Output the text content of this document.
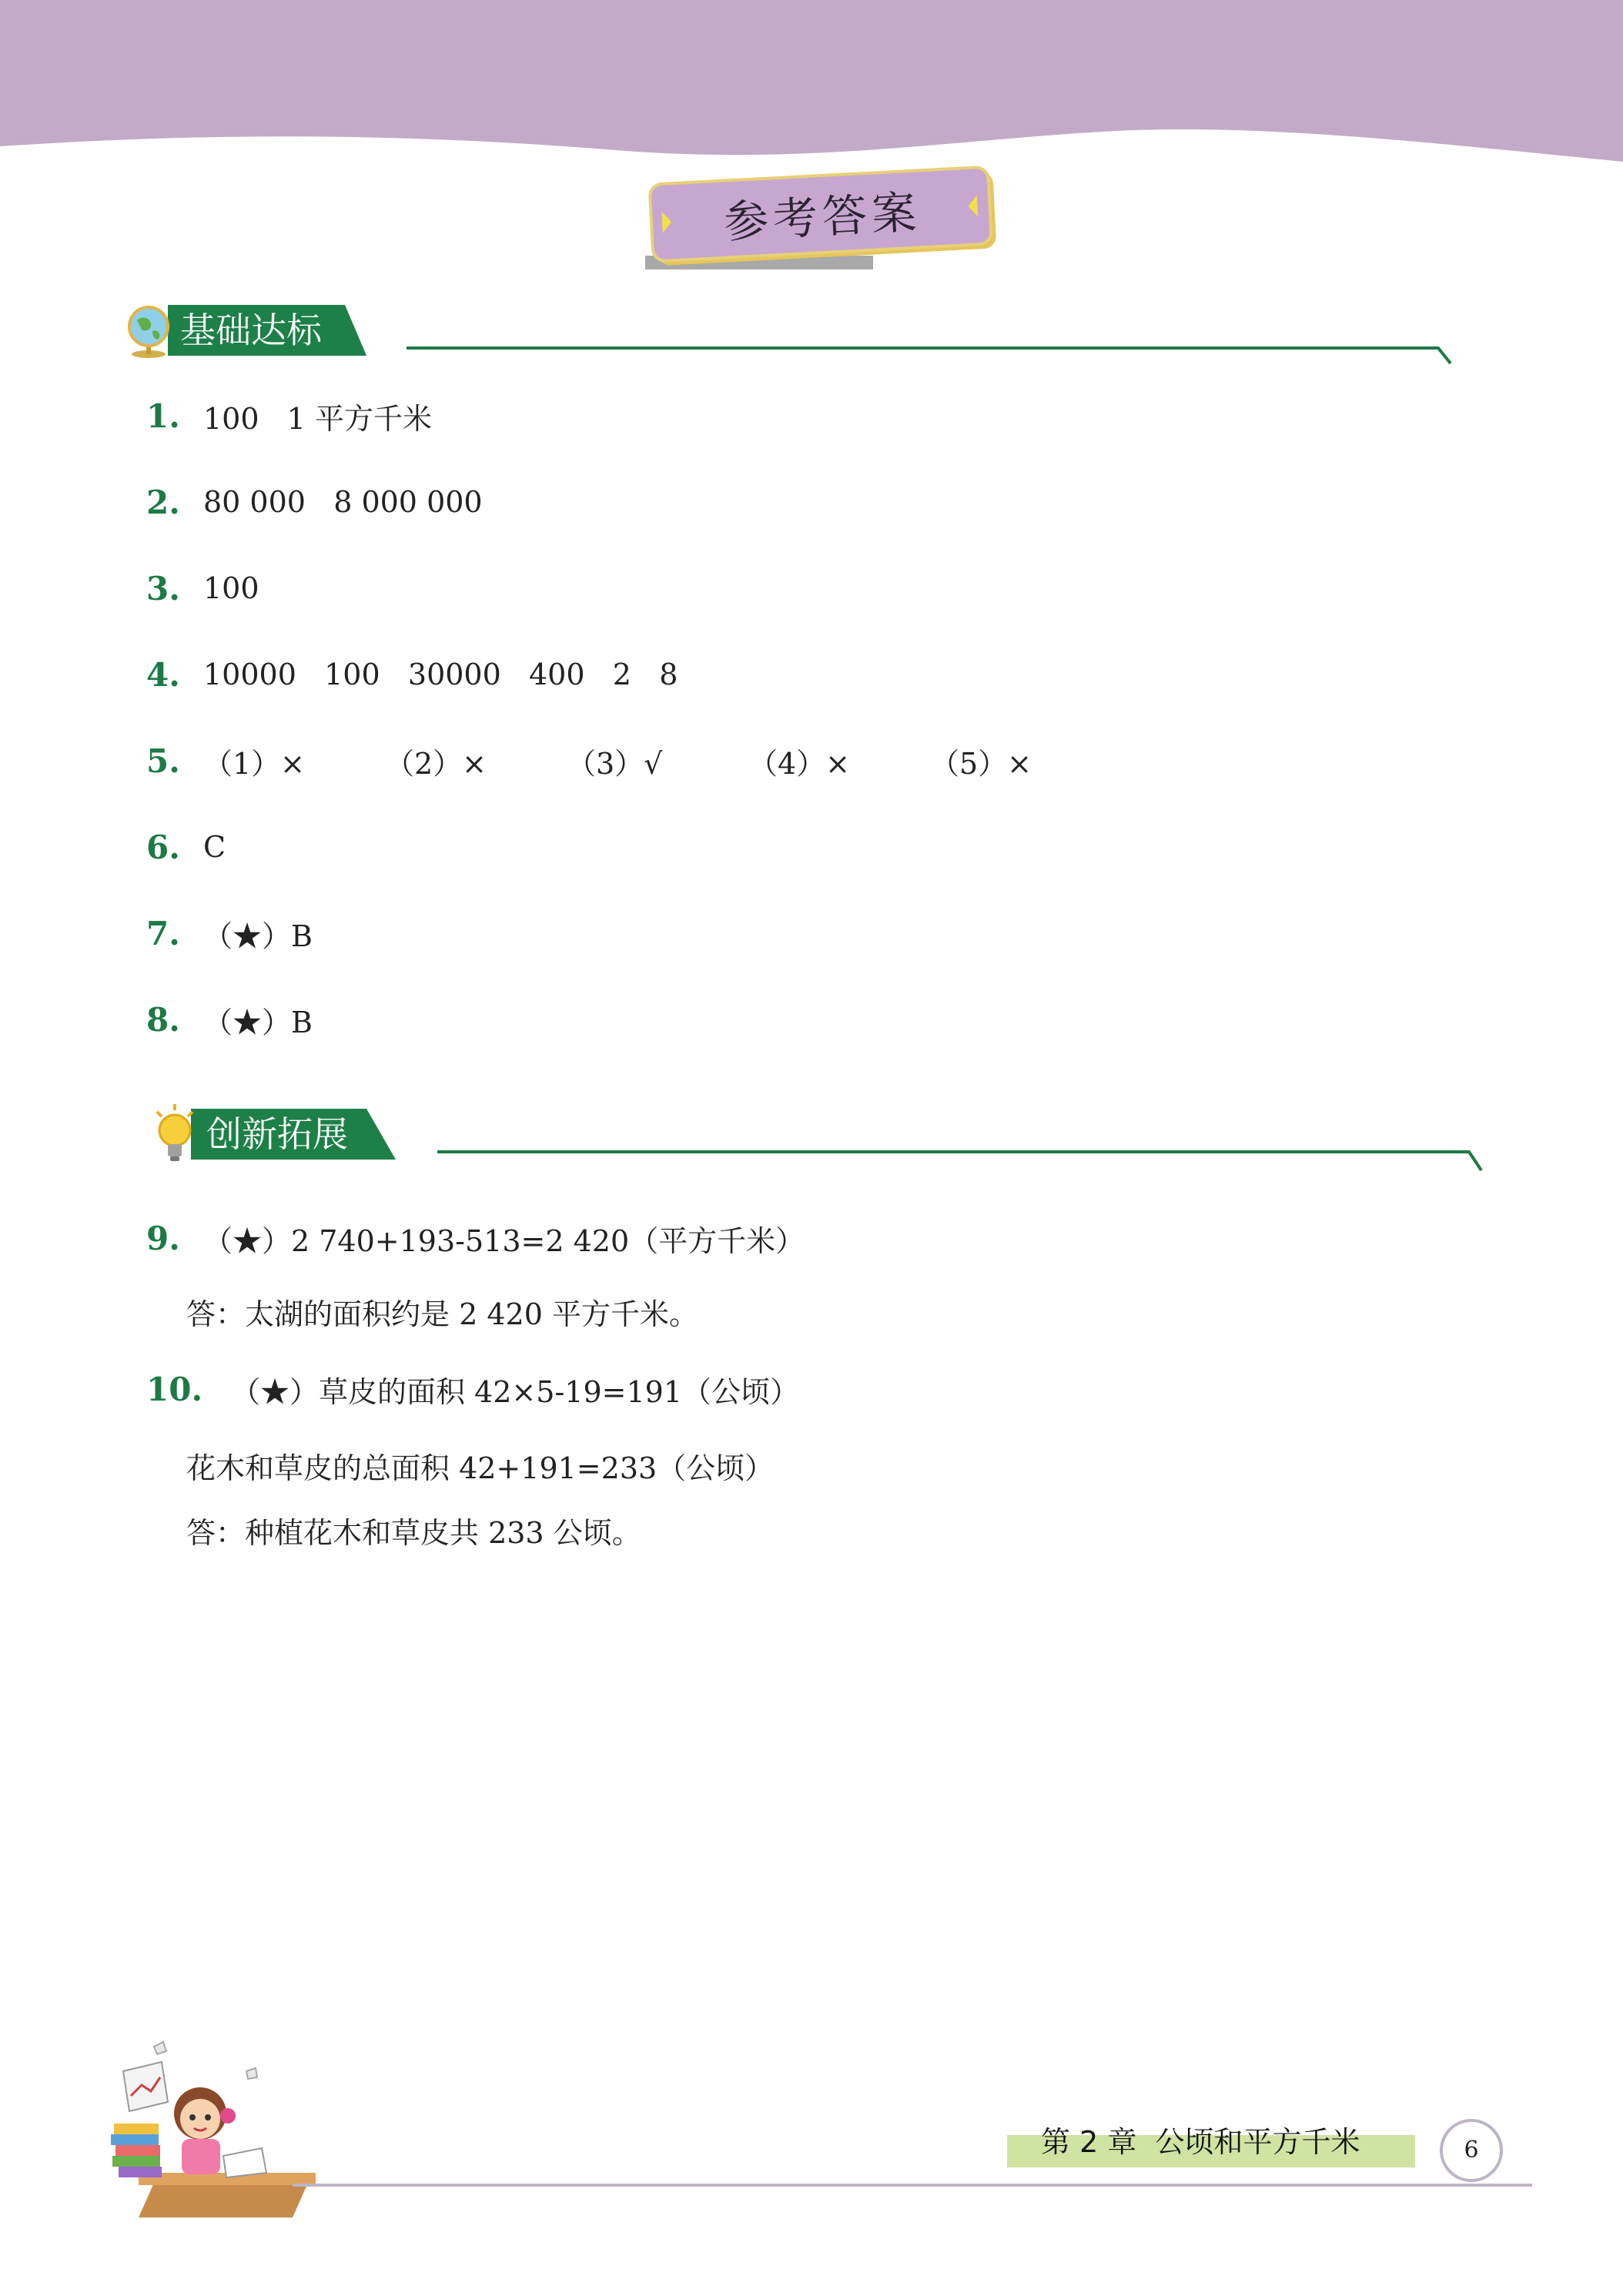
参考答案
基础达标
1. 100   1 平方千米
2. 80 000   8 000 000
3. 100
4. 10000   100   30000   400   2   8
5. （1）×	（2）×	（3）√	（4）×	（5）×
6. C
7. （★）B
8. （★）B
创新拓展
9. （★）2 740+193-513=2 420（平方千米）
答：太湖的面积约是 2 420 平方千米。
10. （★）草皮的面积 42×5-19=191（公顷）
花木和草皮的总面积 42+191=233（公顷）
答：种植花木和草皮共 233 公顷。
第 2 章  公顷和平方千米	6
